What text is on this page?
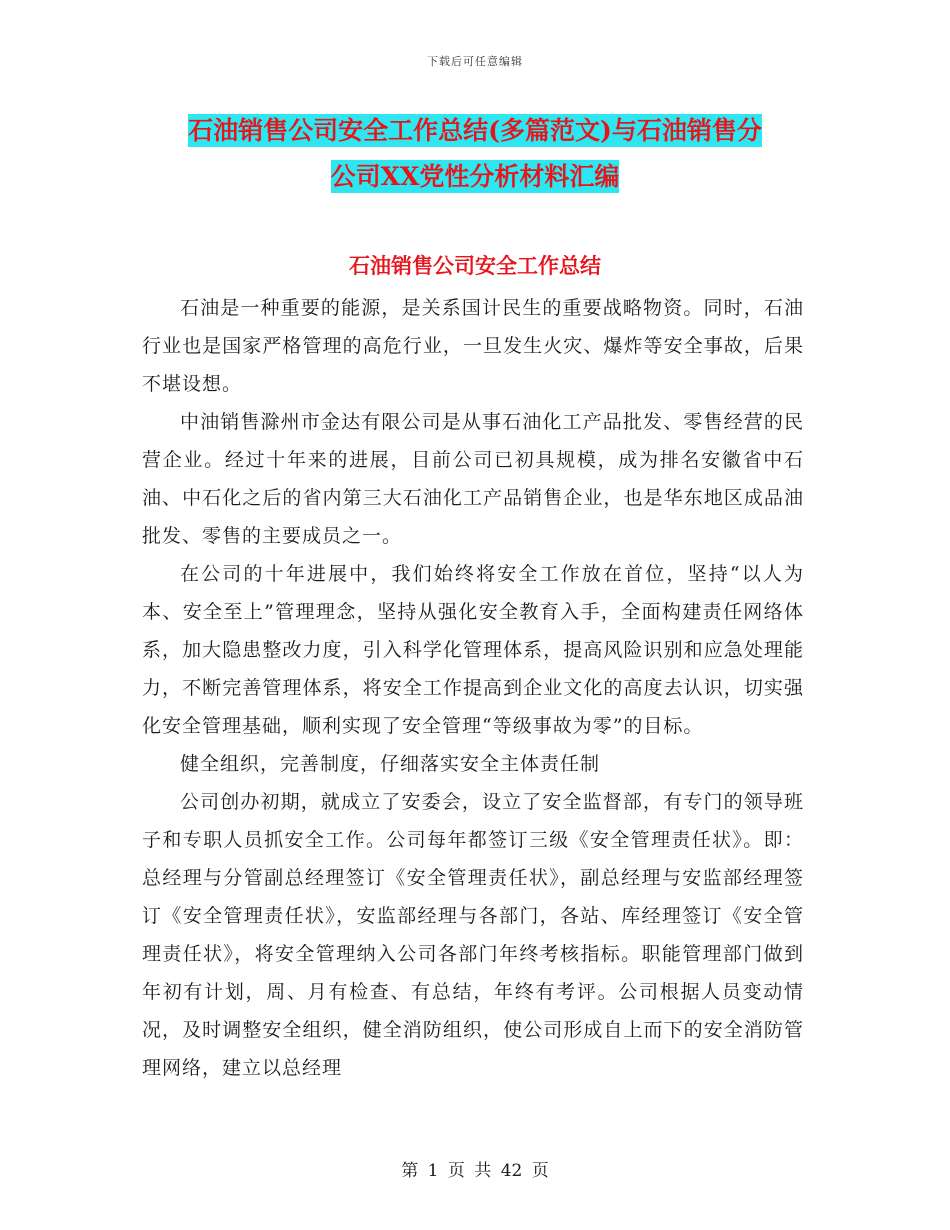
下载后可任意编辑
石油销售公司安全工作总结(多篇范文)与石油销售分
公司XX党性分析材料汇编
石油销售公司安全工作总结

石油是一种重要的能源，是关系国计民生的重要战略物资。同时，石油行业也是国家严格管理的高危行业，一旦发生火灾、爆炸等安全事故，后果不堪设想。

中油销售滁州市金达有限公司是从事石油化工产品批发、零售经营的民营企业。经过十年来的进展，目前公司已初具规模，成为排名安徽省中石油、中石化之后的省内第三大石油化工产品销售企业，也是华东地区成品油批发、零售的主要成员之一。

在公司的十年进展中，我们始终将安全工作放在首位，坚持“以人为本、安全至上”管理理念，坚持从强化安全教育入手，全面构建责任网络体系，加大隐患整改力度，引入科学化管理体系，提高风险识别和应急处理能力，不断完善管理体系，将安全工作提高到企业文化的高度去认识，切实强化安全管理基础，顺利实现了安全管理“等级事故为零”的目标。

健全组织，完善制度，仔细落实安全主体责任制

公司创办初期，就成立了安委会，设立了安全监督部，有专门的领导班子和专职人员抓安全工作。公司每年都签订三级《安全管理责任状》。即：总经理与分管副总经理签订《安全管理责任状》，副总经理与安监部经理签订《安全管理责任状》，安监部经理与各部门，各站、库经理签订《安全管理责任状》，将安全管理纳入公司各部门年终考核指标。职能管理部门做到年初有计划，周、月有检查、有总结，年终有考评。公司根据人员变动情况，及时调整安全组织，健全消防组织，使公司形成自上而下的安全消防管理网络，建立以总经理

第 1 页 共 42 页
